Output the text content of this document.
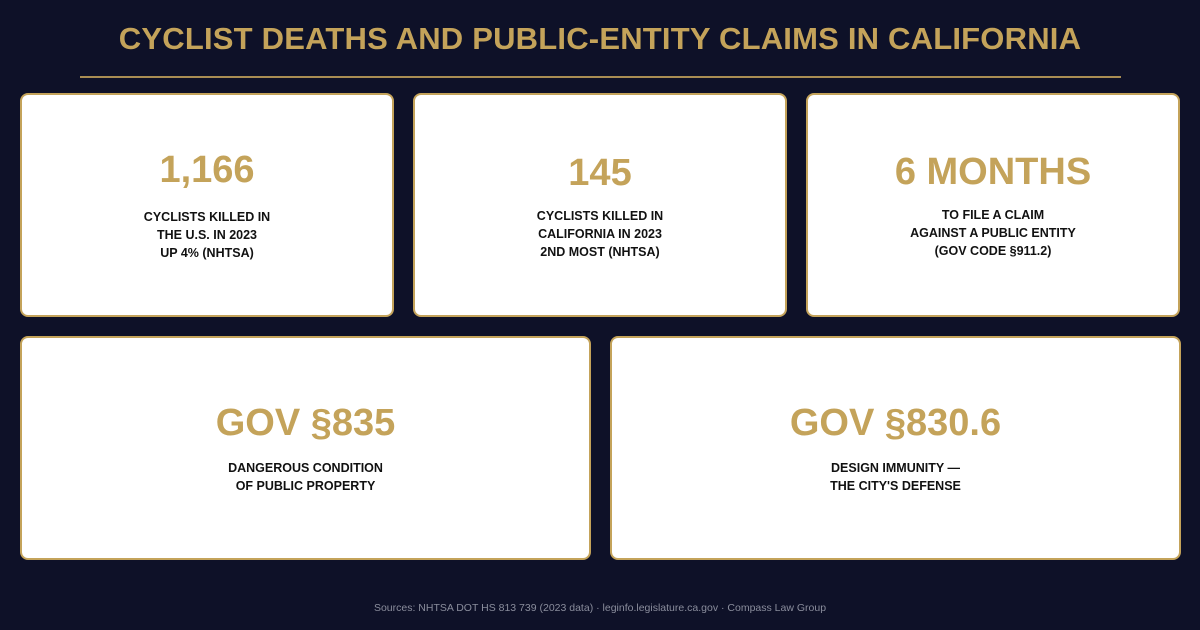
CYCLIST DEATHS AND PUBLIC-ENTITY CLAIMS IN CALIFORNIA
1,166
CYCLISTS KILLED IN
THE U.S. IN 2023
UP 4% (NHTSA)
145
CYCLISTS KILLED IN
CALIFORNIA IN 2023
2ND MOST (NHTSA)
6 MONTHS
TO FILE A CLAIM
AGAINST A PUBLIC ENTITY
(GOV CODE §911.2)
GOV §835
DANGEROUS CONDITION
OF PUBLIC PROPERTY
GOV §830.6
DESIGN IMMUNITY —
THE CITY'S DEFENSE
Sources: NHTSA DOT HS 813 739 (2023 data) · leginfo.legislature.ca.gov · Compass Law Group
